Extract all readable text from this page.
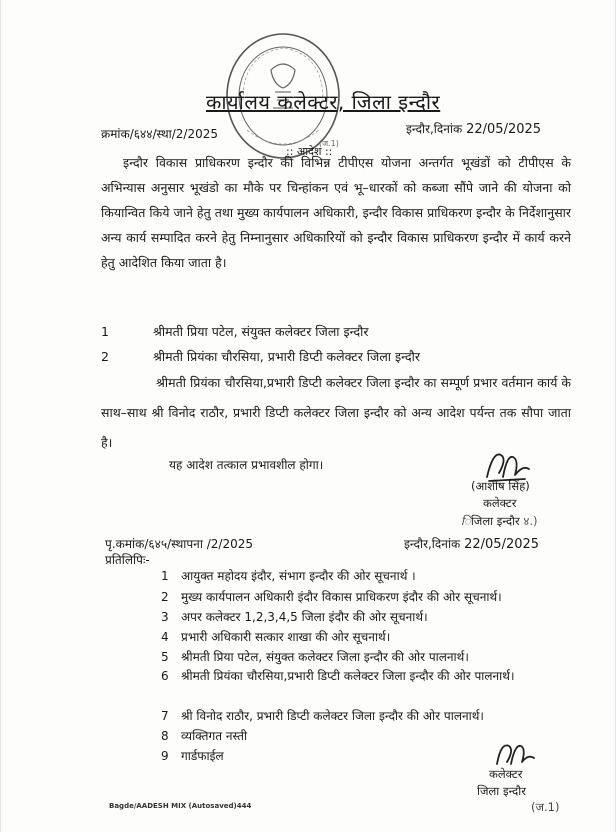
(ज.1)
कार्यालय कलेक्टर, जिला इन्दौर
क्रमांक/६४४/स्था/2/2025	इन्दौर,दिनांक 22/05/2025
:: आदेश ::
इन्दौर विकास प्राधिकरण इन्दौर की विभिन्न टीपीएस योजना अन्तर्गत भूखंडों को टीपीएस के अभिन्यास अनुसार भूखंडो का मौके पर चिन्हांकन एवं भू–धारकों को कब्जा सौंपे जाने की योजना को कियान्वित किये जाने हेतु तथा मुख्य कार्यपालन अधिकारी, इन्दौर विकास प्राधिकरण इन्दौर के निर्देशानुसार अन्य कार्य सम्पादित करने हेतु निम्नानुसार अधिकारियों को इन्दौर विकास प्राधिकरण इन्दौर में कार्य करने हेतु आदेशित किया जाता है।
1	श्रीमती प्रिया पटेल, संयुक्त कलेक्टर जिला इन्दौर
2	श्रीमती प्रियंका चौरसिया, प्रभारी डिप्टी कलेक्टर जिला इन्दौर
श्रीमती प्रियंका चौरसिया,प्रभारी डिप्टी कलेक्टर जिला इन्दौर का सम्पूर्ण प्रभार वर्तमान कार्य के साथ–साथ श्री विनोद राठौर, प्रभारी डिप्टी कलेक्टर जिला इन्दौर को अन्य आदेश पर्यन्त तक सौपा जाता है।
यह आदेश तत्काल प्रभावशील होगा।
(आशीष सिंह)
कलेक्टर
िजिला इन्दौर ४.)
पृ.कमांक/६४५/स्थापना /2/2025	इन्दौर,दिनांक 22/05/2025
प्रतिलिपिः-
1 आयुक्त महोदय इंदौर, संभाग इन्दौर की ओर सूचनार्थ ।
2 मुख्य कार्यपालन अधिकारी इंदौर विकास प्राधिकरण इंदौर की ओर सूचनार्थ।
3 अपर कलेक्टर 1,2,3,4,5 जिला इंदौर की ओर सूचनार्थ।
4 प्रभारी अधिकारी सत्कार शाखा की ओर सूचनार्थ।
5 श्रीमती प्रिया पटेल, संयुक्त कलेक्टर जिला इन्दौर की ओर पालनार्थ।
6 श्रीमती प्रियंका चौरसिया,प्रभारी डिप्टी कलेक्टर जिला इन्दौर की ओर पालनार्थ।
7 श्री विनोद राठौर, प्रभारी डिप्टी कलेक्टर जिला इन्दौर की ओर पालनार्थ।
8 व्यक्तिगत नस्ती
9 गार्डफाईल
कलेक्टर
जिला इन्दौर
(ज.1)
Bagde/AADESH MIX (Autosaved)444
